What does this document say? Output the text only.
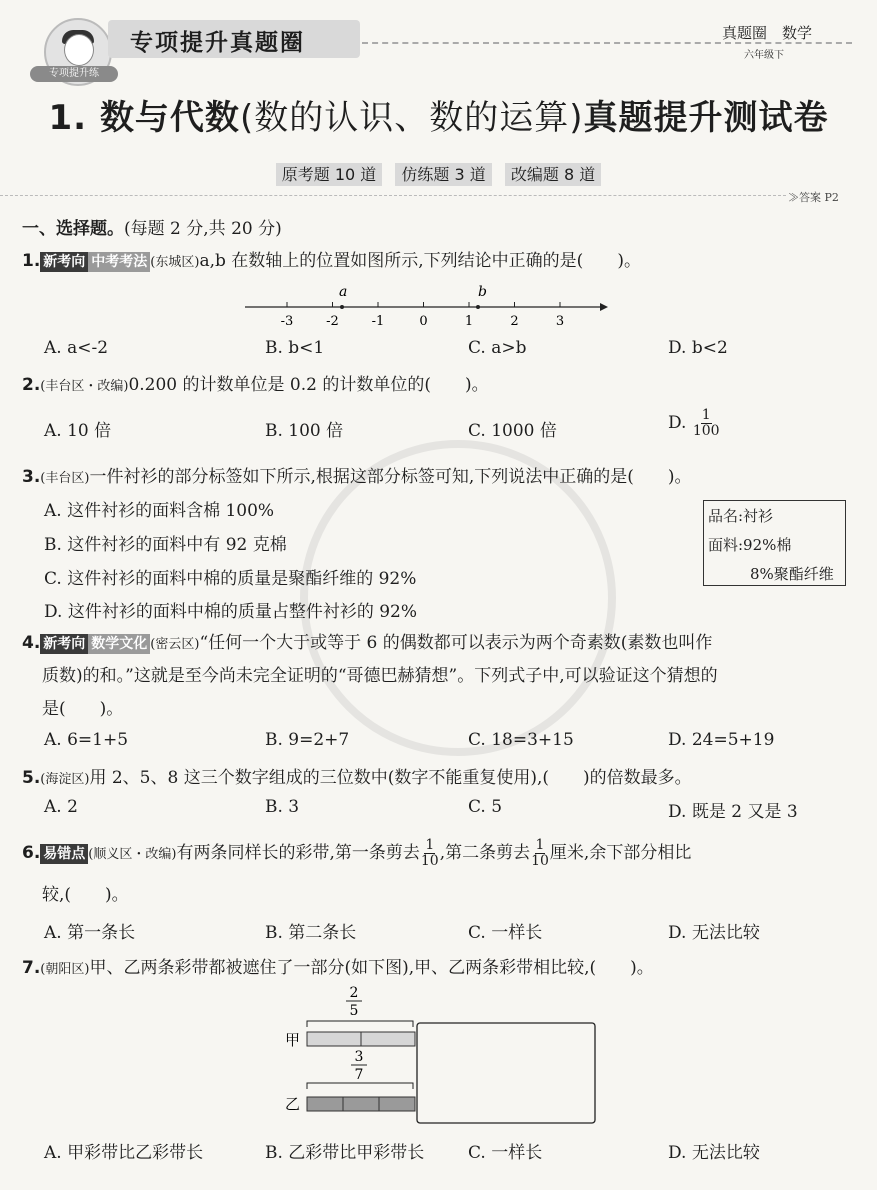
专项提升练
专项提升真题圈	真题圈　数学
六年级下
1. 数与代数(数的认识、数的运算)真题提升测试卷
原考题 10 道 仿练题 3 道 改编题 8 道
≫答案 P2
一、选择题。(每题 2 分,共 20 分)
1. 新考向 中考考法 (东城区)a,b 在数轴上的位置如图所示,下列结论中正确的是(　　)。
-3	-2	-1	0	1	2	3
a	b
A. a<-2	B. b<1	C. a>b	D. b<2
2.(丰台区・改编)0.200 的计数单位是 0.2 的计数单位的(　　)。
A. 10 倍	B. 100 倍	C. 1000 倍	D. $\frac{1}{100}$
3.(丰台区)一件衬衫的部分标签如下所示,根据这部分标签可知,下列说法中正确的是(　　)。
A. 这件衬衫的面料含棉 100%
B. 这件衬衫的面料中有 92 克棉
C. 这件衬衫的面料中棉的质量是聚酯纤维的 92%
D. 这件衬衫的面料中棉的质量占整件衬衫的 92%
品名:衬衫
面料:92%棉
8%聚酯纤维
4. 新考向 数学文化 (密云区)“任何一个大于或等于 6 的偶数都可以表示为两个奇素数(素数也叫作
质数)的和。”这就是至今尚未完全证明的“哥德巴赫猜想”。下列式子中,可以验证这个猜想的
是(　　)。
A. 6=1+5	B. 9=2+7	C. 18=3+15	D. 24=5+19
5.(海淀区)用 2、5、8 这三个数字组成的三位数中(数字不能重复使用),(　　)的倍数最多。
A. 2	B. 3	C. 5	D. 既是 2 又是 3
6. 易错点 (顺义区・改编)有两条同样长的彩带,第一条剪去 $\frac{1}{10}$ ,第二条剪去 $\frac{1}{10}$ 厘米,余下部分相比
较,(　　)。
A. 第一条长	B. 第二条长	C. 一样长	D. 无法比较
7.(朝阳区)甲、乙两条彩带都被遮住了一部分(如下图),甲、乙两条彩带相比较,(　　)。
2
5
甲
3
7
乙
A. 甲彩带比乙彩带长	B. 乙彩带比甲彩带长	C. 一样长	D. 无法比较
